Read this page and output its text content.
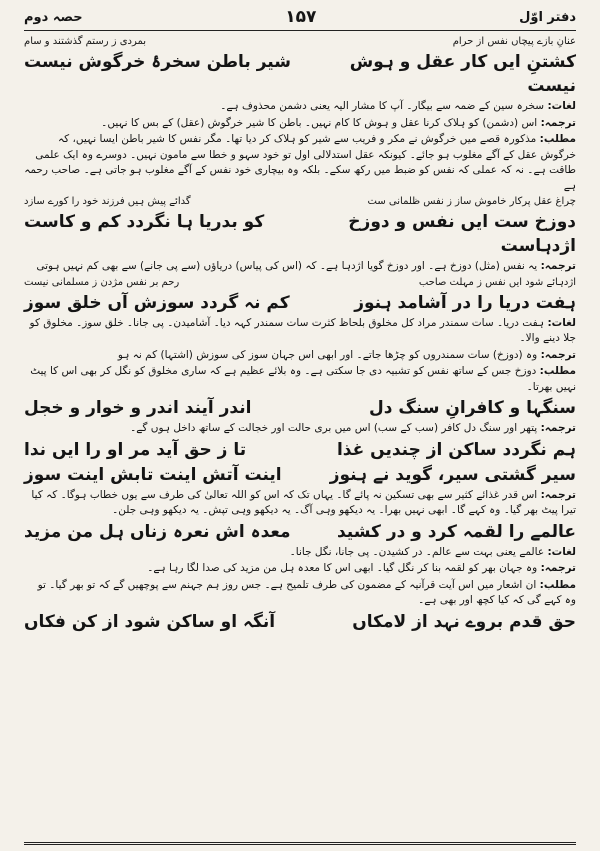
دفتر اوّل
۱۵۷
حصہ دوم
عنانِ بازے پیچاں نفس از حرام
بمردی ز رستم گذشتند و سام
کشتنِ ایں کار عقل و ہوش نیست
شیر باطن سخرۂ خرگوش نیست
لغات: سخرہ سین کے ضمہ سے بیگار۔ آپ کا مشار الیہ یعنی دشمن محذوف ہے۔
ترجمہ: اس (دشمن) کو ہلاک کرنا عقل و ہوش کا کام نہیں۔ باطن کا شیر خرگوش (عقل) کے بس کا نہیں۔
مطلب: مذکورہ قصے میں خرگوش نے مکر و فریب سے شیر کو ہلاک کر دیا تھا۔ مگر نفس کا شیر باطن ایسا نہیں، کہ خرگوش عقل کے آگے مغلوب ہو جائے۔ کیونکہ عقل استدلالی اول تو خود سہو و خطا سے مامون نہیں۔ دوسرے وہ ایک علمی طاقت ہے۔ نہ کہ عملی کہ نفس کو ضبط میں رکھ سکے۔ بلکہ وہ بیچاری خود نفس کے آگے مغلوب ہو جاتی ہے۔ صاحب رحمہ ہے
چراغ عقل پرکار خاموش ساز ز نفس ظلمانی ست
گدائے پیش ہیں فرزند خود را کورے سازد
دوزخ ست ایں نفس و دوزخ اژدہاست
کو بدریا ہا نگردد کم و کاست
ترجمہ: یہ نفس (مثل) دوزخ ہے۔ اور دوزخ گویا اژدہا ہے۔ کہ (اس کی پیاس) دریاؤں (سے پی جانے) سے بھی کم نہیں ہوتی
اژدہائے شود ایں نفس ز مہلت صاحب
رحم بر نفس مژدن ز مسلمانی نیست
ہفت دریا را در آشامد ہنوز
کم نہ گردد سوزش آں خلق سوز
لغات: ہفت دریا۔ سات سمندر مراد کل مخلوق بلحاظ کثرت سات سمندر کہہ دیا۔ آشامیدن۔ پی جانا۔ خلق سوز۔ مخلوق کو جلا دینے والا۔
ترجمہ: وہ (دوزخ) سات سمندروں کو چڑھا جاتے۔ اور ابھی اس جہان سوز کی سوزش (اشتہا) کم نہ ہو
مطلب: دوزخ جس کے ساتھ نفس کو تشبیہ دی جا سکتی ہے۔ وہ بلائے عظیم ہے کہ ساری مخلوق کو نگل کر بھی اس کا پیٹ نہیں بھرتا۔
سنگہا و کافرانِ سنگ دل
اندر آیند اندر و خوار و خجل
ترجمہ: پتھر اور سنگ دل کافر (سب کے سب) اس میں بری حالت اور خجالت کے ساتھ داخل ہوں گے۔
ہم نگردد ساکن از چندیں غذا
تا ز حق آید مر او را ایں ندا
سیر گشتی سیر، گوید نے ہنوز
اینت آتش اینت تابش اینت سوز
ترجمہ: اس قدر غذائے کثیر سے بھی تسکین نہ پائے گا۔ یہاں تک کہ اس کو اللہ تعالیٰ کی طرف سے یوں خطاب ہوگا۔ کہ کیا تیرا پیٹ بھر گیا۔ وہ کہے گا۔ ابھی نہیں بھرا۔ یہ دیکھو وہی آگ۔ یہ دیکھو وہی تپش۔ یہ دیکھو وہی جلن۔
عالمے را لقمہ کرد و در کشید
معدہ اش نعرہ زناں ہل من مزید
لغات: عالمے یعنی بہت سے عالم۔ در کشیدن۔ پی جانا، نگل جانا۔
ترجمہ: وہ جہان بھر کو لقمہ بنا کر نگل گیا۔ ابھی اس کا معدہ ہل من مزید کی صدا لگا رہا ہے۔
مطلب: ان اشعار میں اس آیت قرآنیہ کے مضمون کی طرف تلمیح ہے۔ جس روز ہم جہنم سے پوچھیں گے کہ تو بھر گیا۔ تو وہ کہے گی کہ کیا کچھ اور بھی ہے۔
حق قدم بروے نہد از لامکاں
آنگہ او ساکن شود از کن فکاں
